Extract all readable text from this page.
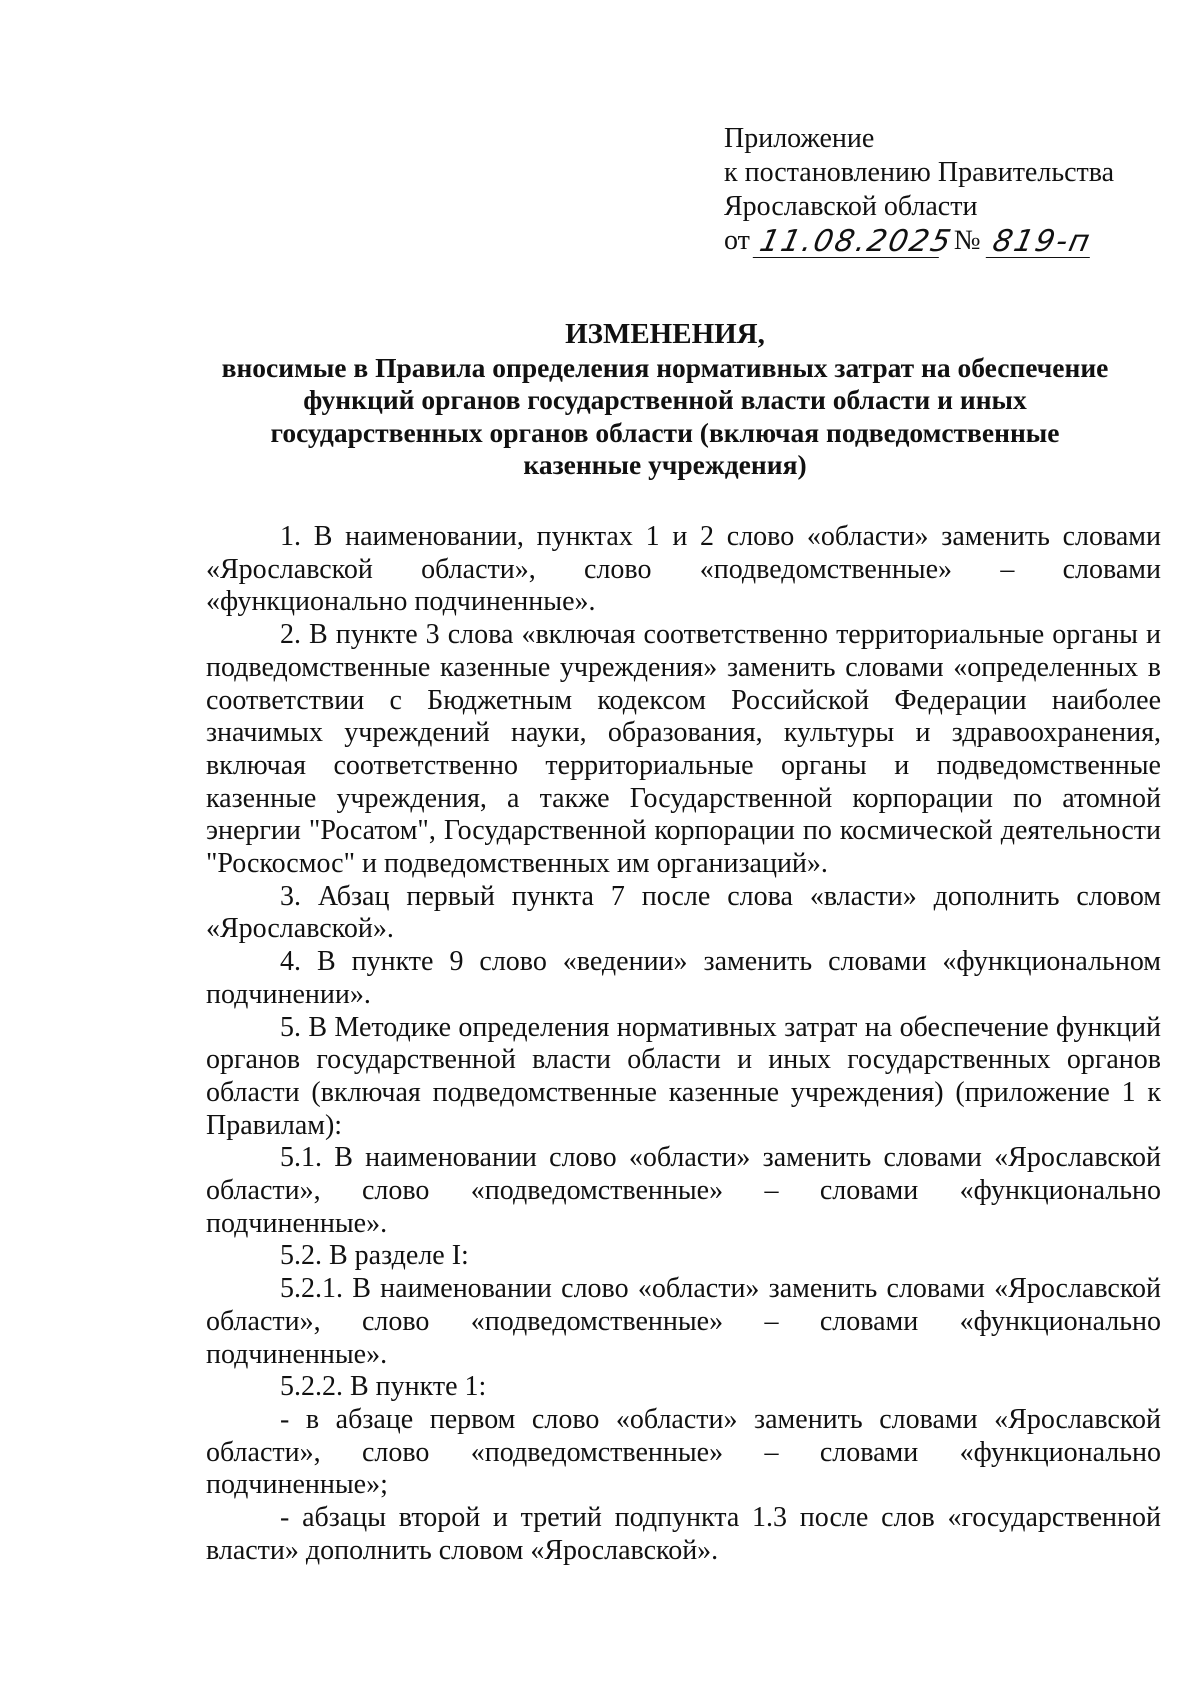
Приложение
к постановлению Правительства
Ярославской области
от 11.08.2025
№ 819-п
ИЗМЕНЕНИЯ,
вносимые в Правила определения нормативных затрат на обеспечение
функций органов государственной власти области и иных
государственных органов области (включая подведомственные
казенные учреждения)

1. В наименовании, пунктах 1 и 2 слово «области» заменить словами «Ярославской области», слово «подведомственные» – словами «функционально подчиненные».

2. В пункте 3 слова «включая соответственно территориальные органы и подведомственные казенные учреждения» заменить словами «определенных в соответствии с Бюджетным кодексом Российской Федерации наиболее значимых учреждений науки, образования, культуры и здравоохранения, включая соответственно территориальные органы и подведомственные казенные учреждения, а также Государственной корпорации по атомной энергии "Росатом", Государственной корпорации по космической деятельности "Роскосмос" и подведомственных им организаций».

3. Абзац первый пункта 7 после слова «власти» дополнить словом «Ярославской».

4. В пункте 9 слово «ведении» заменить словами «функциональном подчинении».

5. В Методике определения нормативных затрат на обеспечение функций органов государственной власти области и иных государственных органов области (включая подведомственные казенные учреждения) (приложение 1 к Правилам):

5.1. В наименовании слово «области» заменить словами «Ярославской области», слово «подведомственные» – словами «функционально подчиненные».

5.2. В разделе I:

5.2.1. В наименовании слово «области» заменить словами «Ярославской области», слово «подведомственные» – словами «функционально подчиненные».

5.2.2. В пункте 1:

- в абзаце первом слово «области» заменить словами «Ярославской области», слово «подведомственные» – словами «функционально подчиненные»;

- абзацы второй и третий подпункта 1.3 после слов «государственной власти» дополнить словом «Ярославской».
